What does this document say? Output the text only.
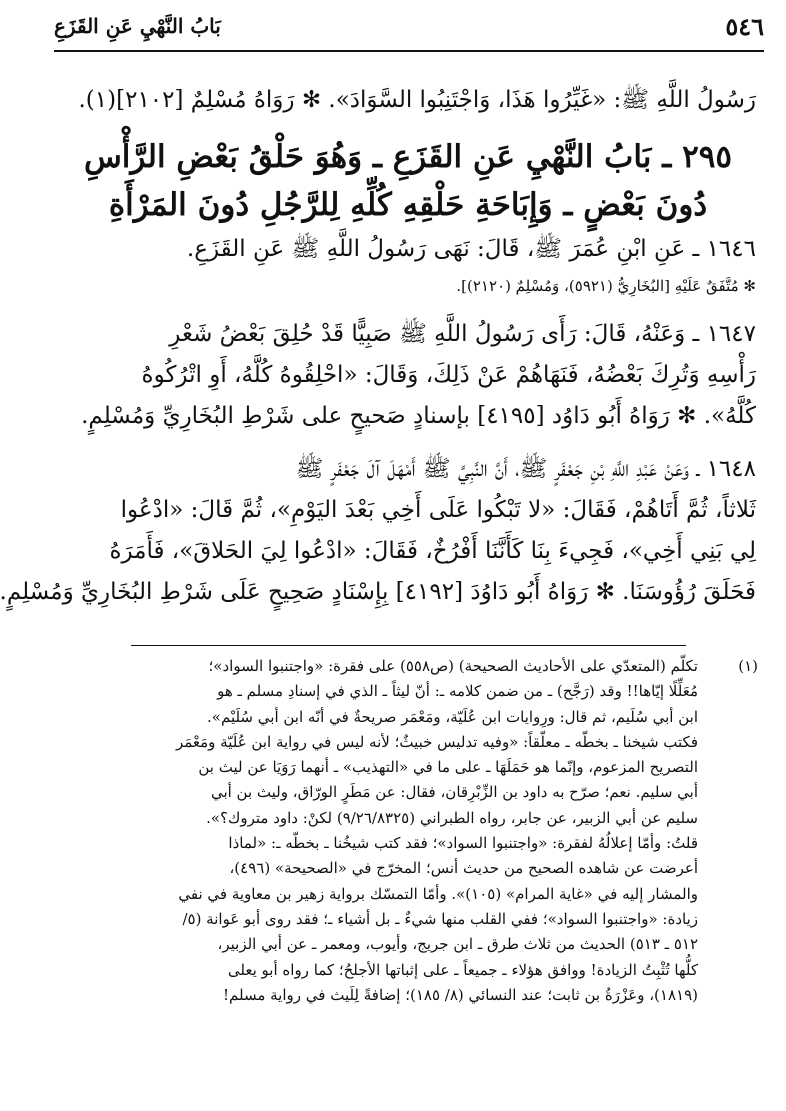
٥٤٦
بَابُ النَّهْيِ عَنِ القَزَعِ
رَسُولُ اللَّهِ ﷺ: «غَيِّرُوا هَذَا، وَاجْتَنِبُوا السَّوَادَ». ✻ رَوَاهُ مُسْلِمٌ [٢١٠٢](١).
٢٩٥ ـ بَابُ النَّهْيِ عَنِ القَزَعِ ـ وَهُوَ حَلْقُ بَعْضِ الرَّأْسِ
دُونَ بَعْضٍ ـ وَإِبَاحَةِ حَلْقِهِ كُلِّهِ لِلرَّجُلِ دُونَ المَرْأَةِ
١٦٤٦ ـ عَنِ ابْنِ عُمَرَ ﷺ، قَالَ: نَهَى رَسُولُ اللَّهِ ﷺ عَنِ القَزَعِ.
✻ مُتَّفَقٌ عَلَيْهِ [البُخَارِيُّ (٥٩٢١)، وَمُسْلِمٌ (٢١٢٠)].
١٦٤٧ ـ وَعَنْهُ، قَالَ: رَأَى رَسُولُ اللَّهِ ﷺ صَبِيًّا قَدْ حُلِقَ بَعْضُ شَعْرِ
رَأْسِهِ وَتُرِكَ بَعْضُهُ، فَنَهَاهُمْ عَنْ ذَلِكَ، وَقَالَ: «احْلِقُوهُ كُلَّهُ، أَوِ اتْرُكُوهُ
كُلَّهُ». ✻ رَوَاهُ أَبُو دَاوُد [٤١٩٥] بإسنادٍ صَحيحٍ على شَرْطِ البُخَارِيِّ وَمُسْلِمٍ.
١٦٤٨ ـ وَعَنْ عَبْدِ اللَّهِ بْنِ جَعْفَرٍ ﷺ، أَنَّ النَّبِيَّ ﷺ أَمْهَلَ آلَ جَعْفَرٍ ﷺ
ثَلاثاً، ثُمَّ أَتَاهُمْ، فَقَالَ: «لا تَبْكُوا عَلَى أَخِي بَعْدَ اليَوْمِ»، ثُمَّ قَالَ: «ادْعُوا
لِي بَنِي أَخِي»، فَجِيءَ بِنَا كَأَنَّنَا أَفْرُخٌ، فَقَالَ: «ادْعُوا لِيَ الحَلاقَ»، فَأَمَرَهُ
فَحَلَقَ رُؤُوسَنَا. ✻ رَوَاهُ أَبُو دَاوُدَ [٤١٩٢] بِإِسْنَادٍ صَحِيحٍ عَلَى شَرْطِ البُخَارِيِّ وَمُسْلِمٍ.
(١)
تكلّم (المتعدّي على الأحاديث الصحيحة) (ص٥٥٨) على فقرة: «واجتنبوا السواد»؛
مُعَلِّلًا إيّاها!! وقد (رَجَّح) ـ من ضمن كلامه ـ: أنّ ليثاً ـ الذي في إسنادِ مسلم ـ هو
ابن أبي سُلَيم، ثم قال: ورِوايات ابن عُلَيّة، ومَعْمَر صريحةٌ في أنّه ابن أبي سُلَيْم».
فكتب شيخنا ـ بخطّه ـ معلّقاً: «وفيه تدليس خبيثٌ؛ لأنه ليس في رواية ابن عُلَيّة ومَعْمَر
التصريح المزعوم، وإنّما هو حَمَلَهَا ـ على ما في «التهذيب» ـ أنهما رَوَيَا عن ليث بن
أبي سليم. نعم؛ صرّح به داود بن الزِّبْرِقان، فقال: عن مَطَرٍ الورّاق، وليث بن أبي
سليم عن أبي الزبير، عن جابر، رواه الطبراني (٩/٢٦/٨٣٢٥) لكنْ: داود متروك؟».
قلتُ: وأمّا إعلالُهُ لفقرة: «واجتنبوا السواد»؛ فقد كتب شيخُنا ـ بخطّه ـ: «لماذا
أعرضت عن شاهده الصحيح من حديث أنس؛ المخرّج في «الصحيحة» (٤٩٦)،
والمشار إليه في «غاية المرام» (١٠٥)». وأمّا التمسّك برواية زهير بن معاوية في نفي
زيادة: «واجتنبوا السواد»؛ ففي القلب منها شيءٌ ـ بل أشياء ـ؛ فقد روى أبو عَوانة (٥/
٥١٢ ـ ٥١٣) الحديث من ثلاث طرق ـ ابن جريج، وأيوب، ومعمر ـ عن أبي الزبير،
كلُّها تُثْبِتُ الزيادة! ووافق هؤلاء ـ جميعاً ـ على إثباتها الأجلحُ؛ كما رواه أبو يعلى
(١٨١٩)، وعَزْرَةُ بن ثابت؛ عند النسائي (٨/ ١٨٥)؛ إضافةً لِلَيث في رواية مسلم!
